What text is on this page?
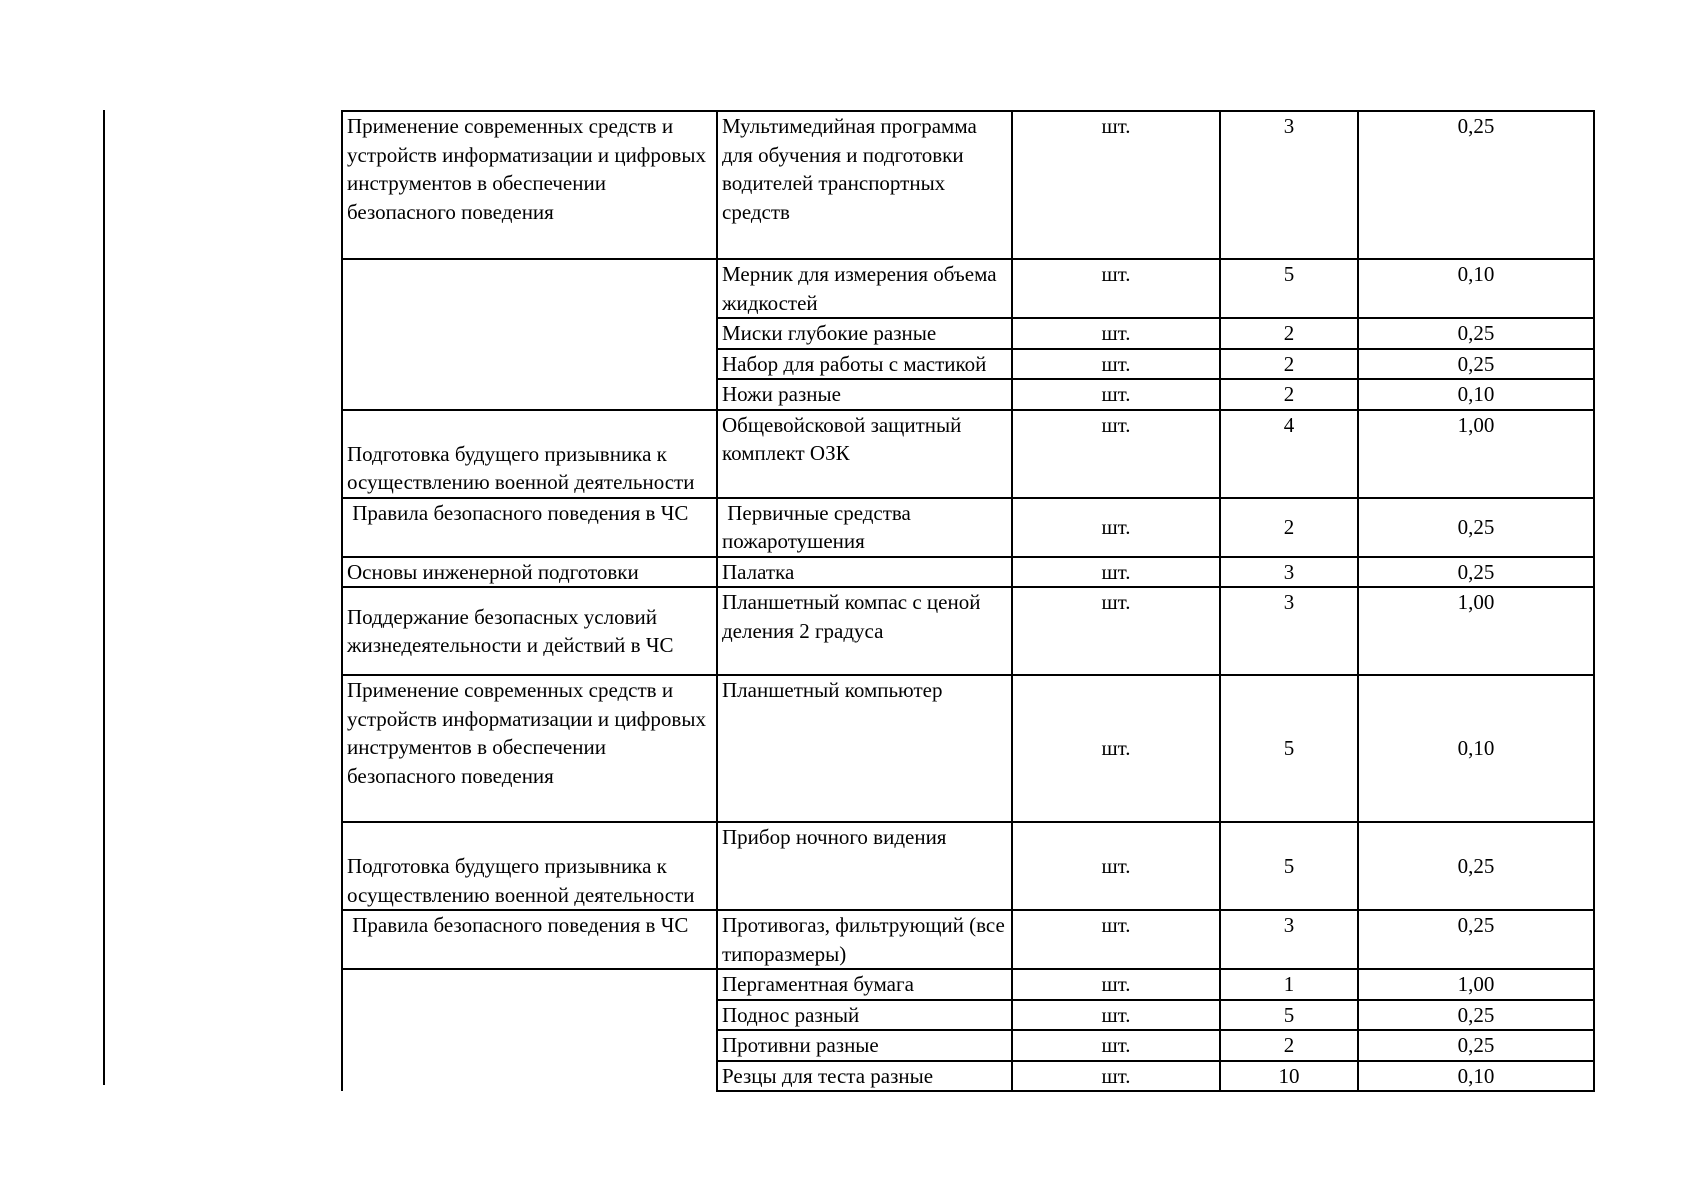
Применение современных средств и устройств информатизации и цифровых инструментов в обеспечении безопасного поведения	Мультимедийная программа для обучения и подготовки водителей транспортных средств	шт.	3	0,25
	Мерник для измерения объема жидкостей	шт.	5	0,10
	Миски глубокие разные	шт.	2	0,25
	Набор для работы с мастикой	шт.	2	0,25
	Ножи разные	шт.	2	0,10
Подготовка будущего призывника к осуществлению военной деятельности	Общевойсковой защитный комплект ОЗК	шт.	4	1,00
Правила безопасного поведения в ЧС	Первичные средства пожаротушения	шт.	2	0,25
Основы инженерной подготовки	Палатка	шт.	3	0,25
Поддержание безопасных условий жизнедеятельности и действий в ЧС	Планшетный компас с ценой деления 2 градуса	шт.	3	1,00
Применение современных средств и устройств информатизации и цифровых инструментов в обеспечении безопасного поведения	Планшетный компьютер	шт.	5	0,10
Подготовка будущего призывника к осуществлению военной деятельности	Прибор ночного видения	шт.	5	0,25
Правила безопасного поведения в ЧС	Противогаз, фильтрующий (все типоразмеры)	шт.	3	0,25
	Пергаментная бумага	шт.	1	1,00
	Поднос разный	шт.	5	0,25
	Противни разные	шт.	2	0,25
	Резцы для теста разные	шт.	10	0,10
